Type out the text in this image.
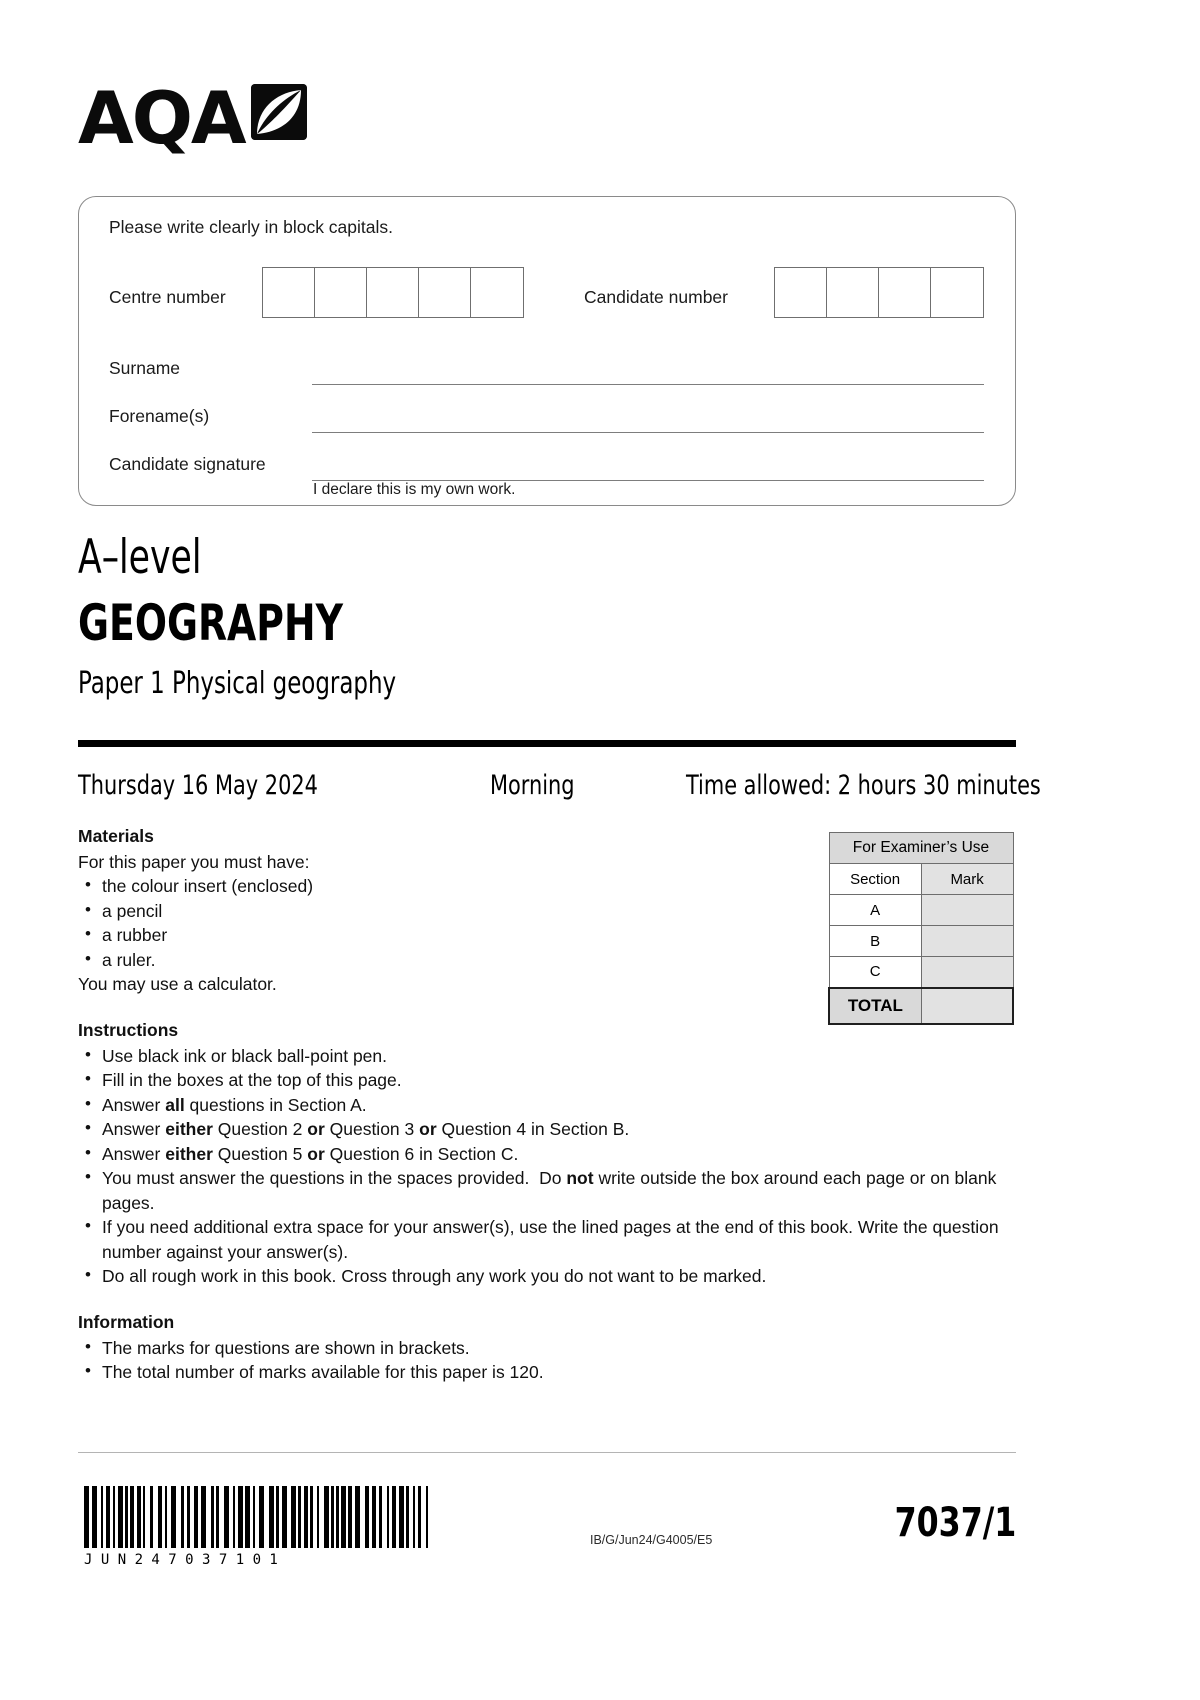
AQA
Please write clearly in block capitals.
Centre number	Candidate number
Surname
Forename(s)
Candidate signature
I declare this is my own work.
A–level
GEOGRAPHY
Paper 1 Physical geography
Thursday 16 May 2024	Morning	Time allowed: 2 hours 30 minutes
Materials

For this paper you must have:

• the colour insert (enclosed)
• a pencil
• a rubber
• a ruler.

You may use a calculator.

For Examiner’s Use	
Section	Mark
A	
B	
C	
TOTAL	
Instructions
• Use black ink or black ball-point pen.
• Fill in the boxes at the top of this page.
• Answer all questions in Section A.
• Answer either Question 2 or Question 3 or Question 4 in Section B.
• Answer either Question 5 or Question 6 in Section C.
• You must answer the questions in the spaces provided.  Do not write outside the box around each page or on blank pages.
• If you need additional extra space for your answer(s), use the lined pages at the end of this book. Write the question number against your answer(s).
• Do all rough work in this book. Cross through any work you do not want to be marked.
Information
• The marks for questions are shown in brackets.
• The total number of marks available for this paper is 120.
J U N 2 4 7 0 3 7 1 0 1
IB/G/Jun24/G4005/E5	7037/1
